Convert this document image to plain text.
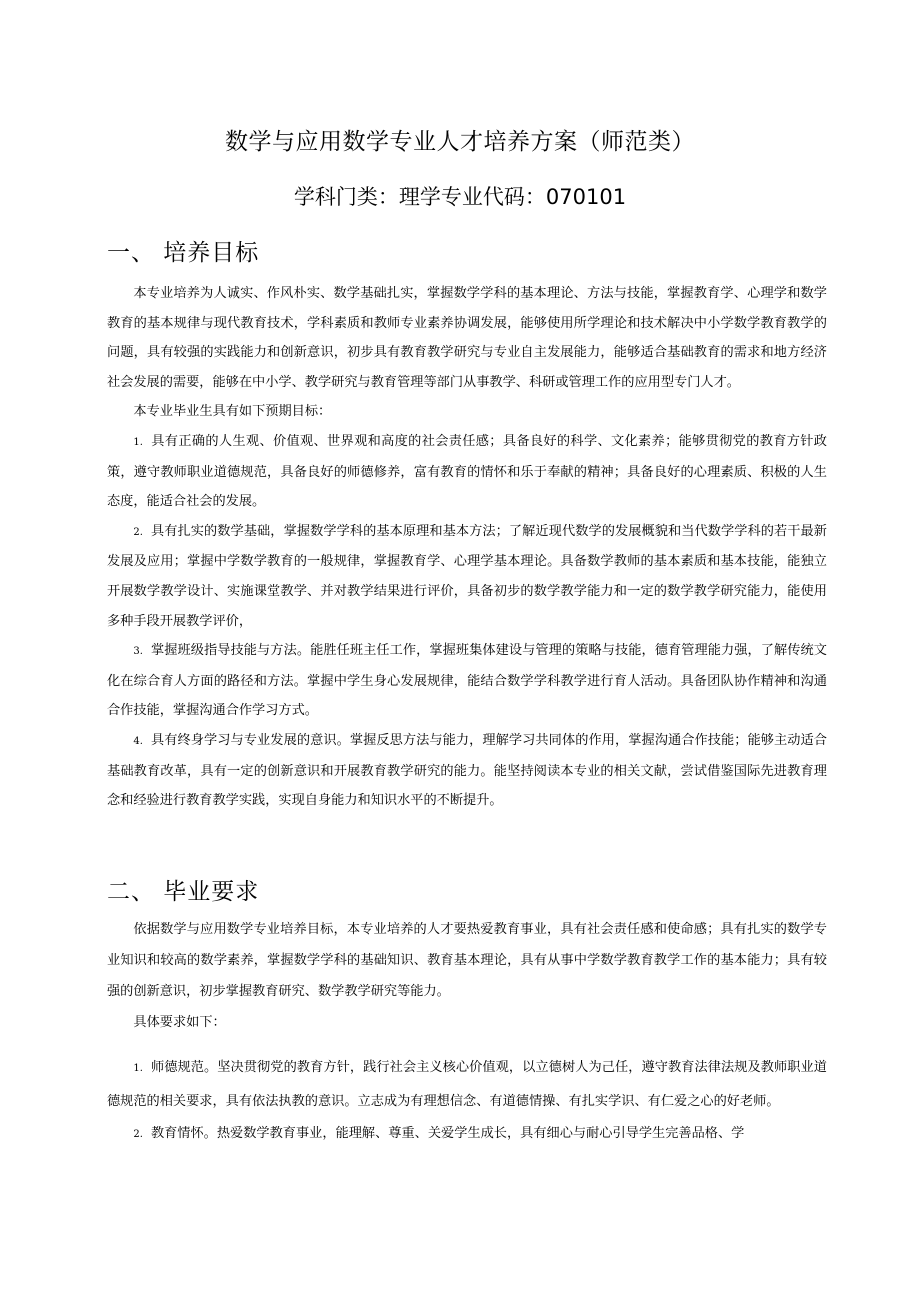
数学与应用数学专业人才培养方案（师范类）
学科门类：理学专业代码：070101
一、 培养目标

本专业培养为人诚实、作风朴实、数学基础扎实，掌握数学学科的基本理论、方法与技能，掌握教育学、心理学和数学教育的基本规律与现代教育技术，学科素质和教师专业素养协调发展，能够使用所学理论和技术解决中小学数学教育教学的问题，具有较强的实践能力和创新意识，初步具有教育教学研究与专业自主发展能力，能够适合基础教育的需求和地方经济社会发展的需要，能够在中小学、教学研究与教育管理等部门从事教学、科研或管理工作的应用型专门人才。

本专业毕业生具有如下预期目标：

1. 具有正确的人生观、价值观、世界观和高度的社会责任感；具备良好的科学、文化素养；能够贯彻党的教育方针政策，遵守教师职业道德规范，具备良好的师德修养，富有教育的情怀和乐于奉献的精神；具备良好的心理素质、积极的人生态度，能适合社会的发展。

2. 具有扎实的数学基础，掌握数学学科的基本原理和基本方法；了解近现代数学的发展概貌和当代数学学科的若干最新发展及应用；掌握中学数学教育的一般规律，掌握教育学、心理学基本理论。具备数学教师的基本素质和基本技能，能独立开展数学教学设计、实施课堂教学、并对教学结果进行评价，具备初步的数学教学能力和一定的数学教学研究能力，能使用多种手段开展教学评价，

3. 掌握班级指导技能与方法。能胜任班主任工作，掌握班集体建设与管理的策略与技能，德育管理能力强，了解传统文化在综合育人方面的路径和方法。掌握中学生身心发展规律，能结合数学学科教学进行育人活动。具备团队协作精神和沟通合作技能，掌握沟通合作学习方式。

4. 具有终身学习与专业发展的意识。掌握反思方法与能力，理解学习共同体的作用，掌握沟通合作技能；能够主动适合基础教育改革，具有一定的创新意识和开展教育教学研究的能力。能坚持阅读本专业的相关文献，尝试借鉴国际先进教育理念和经验进行教育教学实践，实现自身能力和知识水平的不断提升。

二、 毕业要求

依据数学与应用数学专业培养目标，本专业培养的人才要热爱教育事业，具有社会责任感和使命感；具有扎实的数学专业知识和较高的数学素养，掌握数学学科的基础知识、教育基本理论，具有从事中学数学教育教学工作的基本能力；具有较强的创新意识，初步掌握教育研究、数学教学研究等能力。

具体要求如下：

1. 师德规范。坚决贯彻党的教育方针，践行社会主义核心价值观，以立德树人为己任，遵守教育法律法规及教师职业道德规范的相关要求，具有依法执教的意识。立志成为有理想信念、有道德情操、有扎实学识、有仁爱之心的好老师。

2. 教育情怀。热爱数学教育事业，能理解、尊重、关爱学生成长，具有细心与耐心引导学生完善品格、学
